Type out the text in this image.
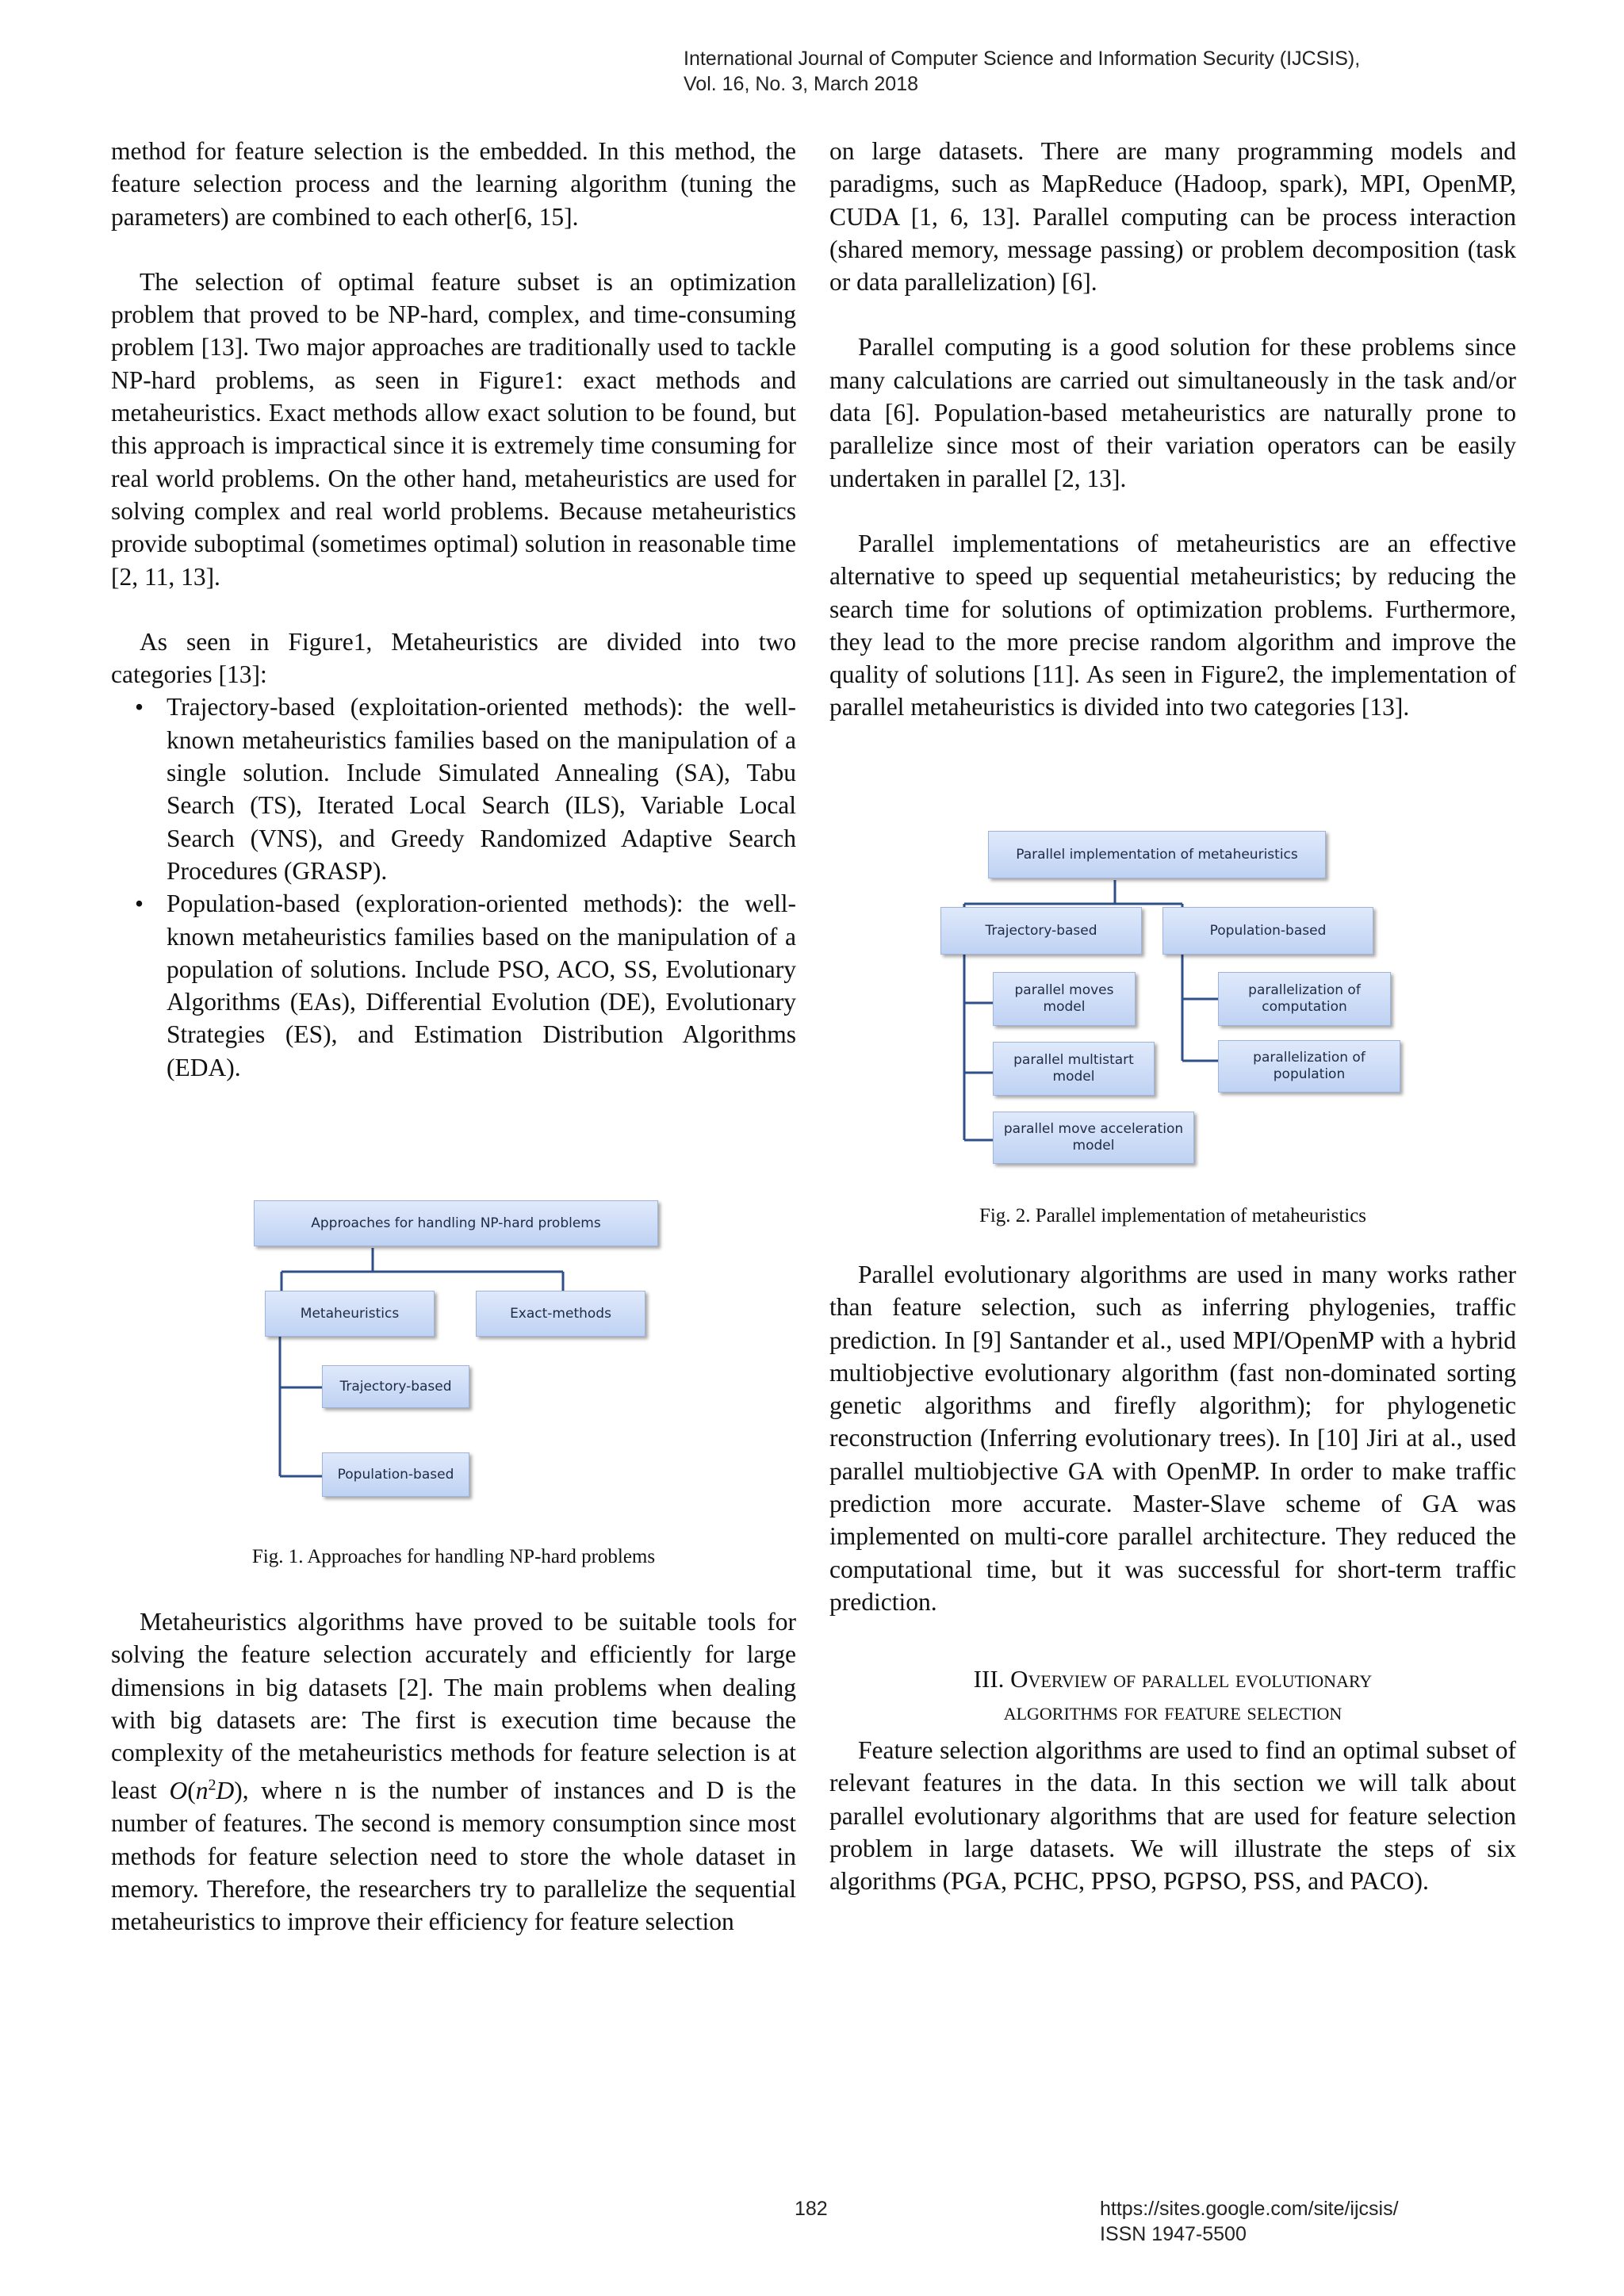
International Journal of Computer Science and Information Security (IJCSIS),
Vol. 16, No. 3, March 2018

method for feature selection is the embedded. In this method, the feature selection process and the learning algorithm (tuning the parameters) are combined to each other[6, 15].

The selection of optimal feature subset is an optimization problem that proved to be NP-hard, complex, and time-consuming problem [13]. Two major approaches are traditionally used to tackle NP-hard problems, as seen in Figure1: exact methods and metaheuristics. Exact methods allow exact solution to be found, but this approach is impractical since it is extremely time consuming for real world problems. On the other hand, metaheuristics are used for solving complex and real world problems. Because metaheuristics provide suboptimal (sometimes optimal) solution in reasonable time [2, 11, 13].

As seen in Figure1, Metaheuristics are divided into two categories [13]:

• Trajectory-based (exploitation-oriented methods): the well-known metaheuristics families based on the manipulation of a single solution. Include Simulated Annealing (SA), Tabu Search (TS), Iterated Local Search (ILS), Variable Local Search (VNS), and Greedy Randomized Adaptive Search Procedures (GRASP).
• Population-based (exploration-oriented methods): the well-known metaheuristics families based on the manipulation of a population of solutions. Include PSO, ACO, SS, Evolutionary Algorithms (EAs), Differential Evolution (DE), Evolutionary Strategies (ES), and Estimation Distribution Algorithms (EDA).
Approaches for handling NP-hard problems
Metaheuristics	Exact-methods
Trajectory-based
Population-based
Fig. 1. Approaches for handling NP-hard problems

Metaheuristics algorithms have proved to be suitable tools for solving the feature selection accurately and efficiently for large dimensions in big datasets [2]. The main problems when dealing with big datasets are: The first is execution time because the complexity of the metaheuristics methods for feature selection is at least $O(n^2D)$, where n is the number of instances and D is the number of features. The second is memory consumption since most methods for feature selection need to store the whole dataset in memory. Therefore, the researchers try to parallelize the sequential metaheuristics to improve their efficiency for feature selection

on large datasets. There are many programming models and paradigms, such as MapReduce (Hadoop, spark), MPI, OpenMP, CUDA [1, 6, 13]. Parallel computing can be process interaction (shared memory, message passing) or problem decomposition (task or data parallelization) [6].

Parallel computing is a good solution for these problems since many calculations are carried out simultaneously in the task and/or data [6]. Population-based metaheuristics are naturally prone to parallelize since most of their variation operators can be easily undertaken in parallel [2, 13].

Parallel implementations of metaheuristics are an effective alternative to speed up sequential metaheuristics; by reducing the search time for solutions of optimization problems. Furthermore, they lead to the more precise random algorithm and improve the quality of solutions [11]. As seen in Figure2, the implementation of parallel metaheuristics is divided into two categories [13].

Parallel implementation of metaheuristics
Trajectory-based	Population-based
parallel moves model
parallel multistart model
parallel move acceleration model
parallelization of computation
parallelization of population
Fig. 2. Parallel implementation of metaheuristics

Parallel evolutionary algorithms are used in many works rather than feature selection, such as inferring phylogenies, traffic prediction. In [9] Santander et al., used MPI/OpenMP with a hybrid multiobjective evolutionary algorithm (fast non-dominated sorting genetic algorithms and firefly algorithm); for phylogenetic reconstruction (Inferring evolutionary trees). In [10] Jiri at al., used parallel multiobjective GA with OpenMP. In order to make traffic prediction more accurate. Master-Slave scheme of GA was implemented on multi-core parallel architecture. They reduced the computational time, but it was successful for short-term traffic prediction.

III. Overview of parallel evolutionary
algorithms for feature selection

Feature selection algorithms are used to find an optimal subset of relevant features in the data. In this section we will talk about parallel evolutionary algorithms that are used for feature selection problem in large datasets. We will illustrate the steps of six algorithms (PGA, PCHC, PPSO, PGPSO, PSS, and PACO).

182	https://sites.google.com/site/ijcsis/
ISSN 1947-5500
